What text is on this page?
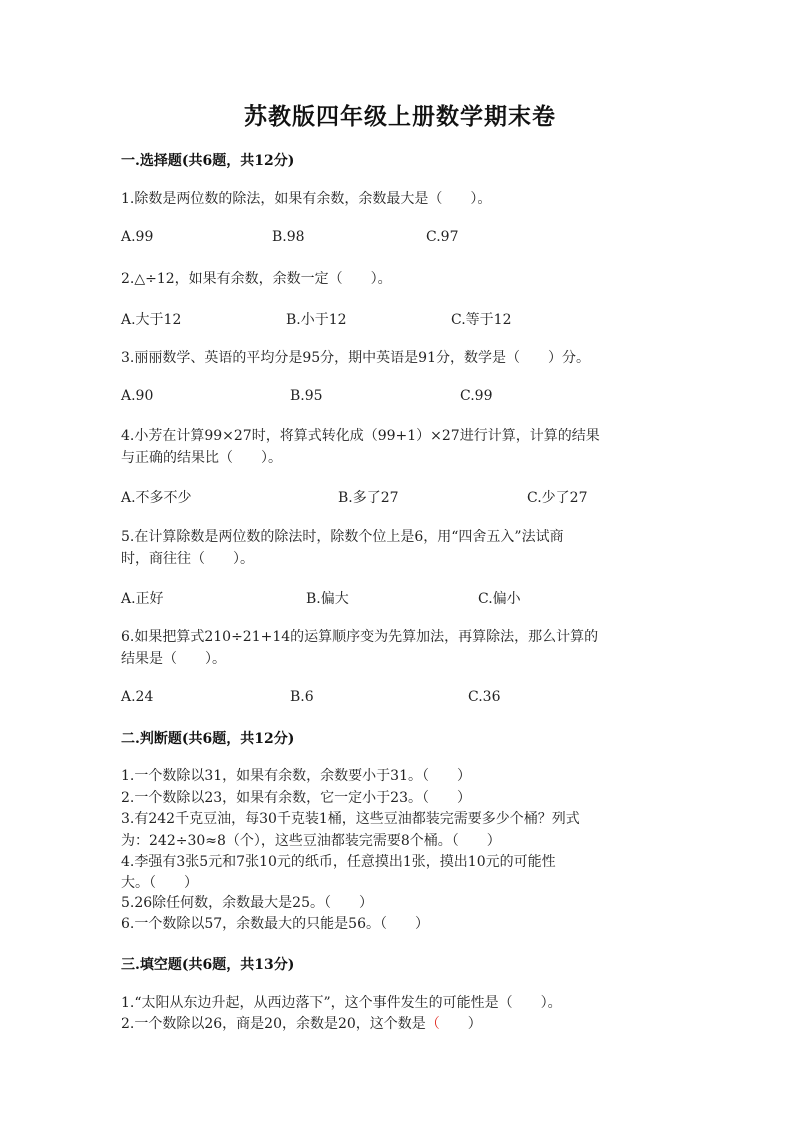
苏教版四年级上册数学期末卷
一.选择题(共6题，共12分)
1.除数是两位数的除法，如果有余数，余数最大是（　　）。
A.99	B.98	C.97
2.△÷12，如果有余数，余数一定（　　）。
A.大于12	B.小于12	C.等于12
3.丽丽数学、英语的平均分是95分，期中英语是91分，数学是（　　）分。
A.90	B.95	C.99
4.小芳在计算99×27时，将算式转化成（99+1）×27进行计算，计算的结果
与正确的结果比（　　）。
A.不多不少	B.多了27	C.少了27
5.在计算除数是两位数的除法时，除数个位上是6，用“四舍五入”法试商
时，商往往（　　）。
A.正好	B.偏大	C.偏小
6.如果把算式210÷21+14的运算顺序变为先算加法，再算除法，那么计算的
结果是（　　）。
A.24	B.6	C.36
二.判断题(共6题，共12分)
1.一个数除以31，如果有余数，余数要小于31。（　　）
2.一个数除以23，如果有余数，它一定小于23。（　　）
3.有242千克豆油，每30千克装1桶，这些豆油都装完需要多少个桶？列式
为：242÷30≈8（个），这些豆油都装完需要8个桶。（　　）
4.李强有3张5元和7张10元的纸币，任意摸出1张，摸出10元的可能性
大。（　　）
5.26除任何数，余数最大是25。（　　）
6.一个数除以57，余数最大的只能是56。（　　）
三.填空题(共6题，共13分)
1.“太阳从东边升起，从西边落下”，这个事件发生的可能性是（　　）。
2.一个数除以26，商是20，余数是20，这个数是（　　）
